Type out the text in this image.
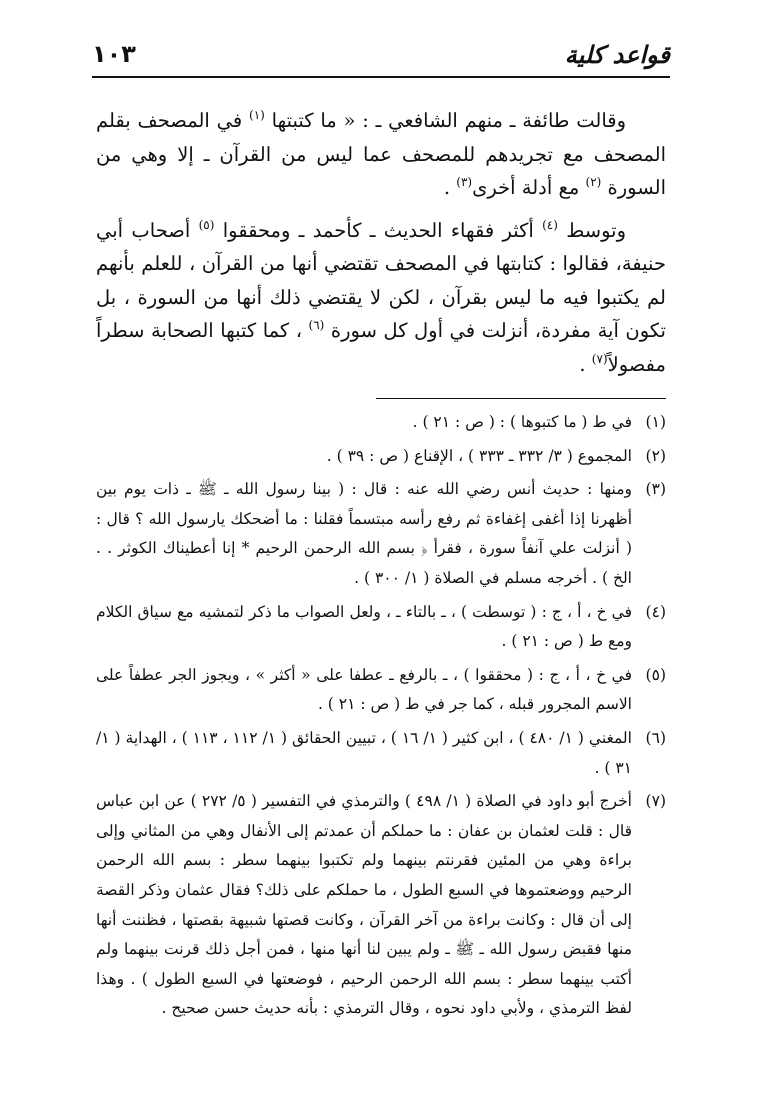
قواعد كلية
١٠٣

وقالت طائفة ـ منهم الشافعي ـ : « ما كتبتها $^{(١)}$ في المصحف بقلم المصحف مع تجريدهم للمصحف عما ليس من القرآن ـ إلا وهي من السورة $^{(٢)}$ مع أدلة أخرى$^{(٣)}$ .

وتوسط $^{(٤)}$ أكثر فقهاء الحديث ـ كأحمد ـ ومحققوا $^{(٥)}$ أصحاب أبي حنيفة، فقالوا : كتابتها في المصحف تقتضي أنها من القرآن ، للعلم بأنهم لم يكتبوا فيه ما ليس بقرآن ، لكن لا يقتضي ذلك أنها من السورة ، بل تكون آية مفردة، أنزلت في أول كل سورة $^{(٦)}$ ، كما كتبها الصحابة سطراً مفصولاً$^{(٧)}$ .

(١)
في ط ( ما كتبوها ) : ( ص : ٢١ ) .
(٢)
المجموع ( ٣/ ٣٣٢ ـ ٣٣٣ ) ، الإقناع ( ص : ٣٩ ) .
(٣)
ومنها : حديث أنس رضي الله عنه : قال : ( بينا رسول الله ـ ﷺ ـ ذات يوم بين أظهرنا إذا أغفى إغفاءة ثم رفع رأسه مبتسماً فقلنا : ما أضحكك يارسول الله ؟ قال : ( أنزلت علي آنفاً سورة ، فقرأ ﴿ بسم الله الرحمن الرحيم * إنا أعطيناك الكوثر . . الخ ) . أخرجه مسلم في الصلاة ( ١/ ٣٠٠ ) .
(٤)
في خ ، أ ، ج : ( توسطت ) ، ـ بالتاء ـ ، ولعل الصواب ما ذكر لتمشيه مع سياق الكلام ومع ط ( ص : ٢١ ) .
(٥)
في خ ، أ ، ج : ( محققوا ) ، ـ بالرفع ـ عطفا على « أكثر » ، ويجوز الجر عطفاً على الاسم المجرور قبله ، كما جر في ط ( ص : ٢١ ) .
(٦)
المغني ( ١/ ٤٨٠ ) ، ابن كثير ( ١/ ١٦ ) ، تبيين الحقائق ( ١/ ١١٢ ، ١١٣ ) ، الهداية ( ١/ ٣١ ) .
(٧)
أخرج أبو داود في الصلاة ( ١/ ٤٩٨ ) والترمذي في التفسير ( ٥/ ٢٧٢ ) عن ابن عباس قال : قلت لعثمان بن عفان : ما حملكم أن عمدتم إلى الأنفال وهي من المثاني وإلى براءة وهي من المئين فقرنتم بينهما ولم تكتبوا بينهما سطر : بسم الله الرحمن الرحيم ووضعتموها في السبع الطول ، ما حملكم على ذلك؟ فقال عثمان وذكر القصة إلى أن قال : وكانت براءة من آخر القرآن ، وكانت قصتها شبيهة بقصتها ، فظننت أنها منها فقبض رسول الله ـ ﷺ ـ ولم يبين لنا أنها منها ، فمن أجل ذلك قرنت بينهما ولم أكتب بينهما سطر : بسم الله الرحمن الرحيم ، فوضعتها في السبع الطول ) . وهذا لفظ الترمذي ، ولأبي داود نحوه ، وقال الترمذي : بأنه حديث حسن صحيح .
